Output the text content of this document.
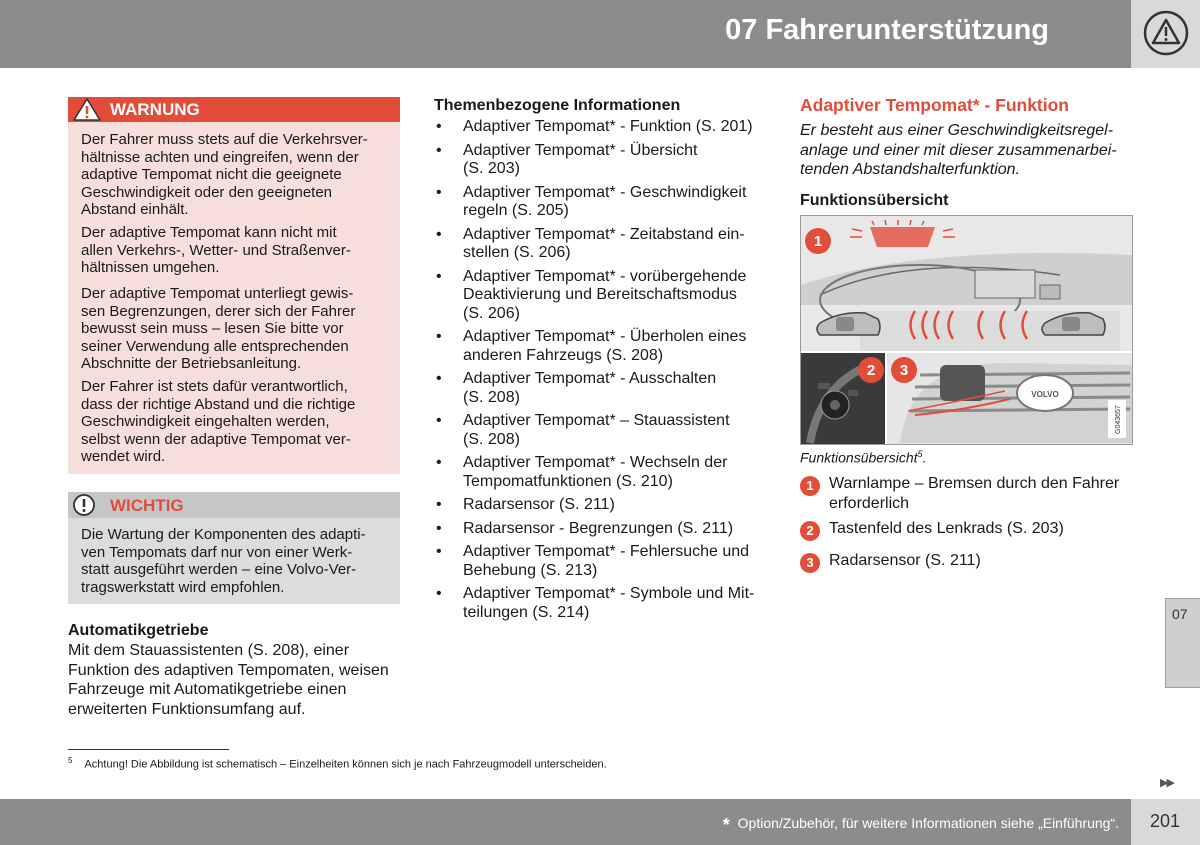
07 Fahrerunterstützung
WARNUNG
Der Fahrer muss stets auf die Verkehrsver-
hältnisse achten und eingreifen, wenn der
adaptive Tempomat nicht die geeignete
Geschwindigkeit oder den geeigneten
Abstand einhält.
Der adaptive Tempomat kann nicht mit
allen Verkehrs-, Wetter- und Straßenver-
hältnissen umgehen.
Der adaptive Tempomat unterliegt gewis-
sen Begrenzungen, derer sich der Fahrer
bewusst sein muss – lesen Sie bitte vor
seiner Verwendung alle entsprechenden
Abschnitte der Betriebsanleitung.
Der Fahrer ist stets dafür verantwortlich,
dass der richtige Abstand und die richtige
Geschwindigkeit eingehalten werden,
selbst wenn der adaptive Tempomat ver-
wendet wird.
WICHTIG
Die Wartung der Komponenten des adapti-
ven Tempomats darf nur von einer Werk-
statt ausgeführt werden – eine Volvo-Ver-
tragswerkstatt wird empfohlen.
Automatikgetriebe
Mit dem Stauassistenten (S. 208), einer
Funktion des adaptiven Tempomaten, weisen
Fahrzeuge mit Automatikgetriebe einen
erweiterten Funktionsumfang auf.
Themenbezogene Informationen
• Adaptiver Tempomat* - Funktion (S. 201)
• Adaptiver Tempomat* - Übersicht
(S. 203)
• Adaptiver Tempomat* - Geschwindigkeit
regeln (S. 205)
• Adaptiver Tempomat* - Zeitabstand ein-
stellen (S. 206)
• Adaptiver Tempomat* - vorübergehende
Deaktivierung und Bereitschaftsmodus
(S. 206)
• Adaptiver Tempomat* - Überholen eines
anderen Fahrzeugs (S. 208)
• Adaptiver Tempomat* - Ausschalten
(S. 208)
• Adaptiver Tempomat* – Stauassistent
(S. 208)
• Adaptiver Tempomat* - Wechseln der
Tempomatfunktionen (S. 210)
• Radarsensor (S. 211)
• Radarsensor - Begrenzungen (S. 211)
• Adaptiver Tempomat* - Fehlersuche und
Behebung (S. 213)
• Adaptiver Tempomat* - Symbole und Mit-
teilungen (S. 214)
Adaptiver Tempomat* - Funktion
Er besteht aus einer Geschwindigkeitsregel-
anlage und einer mit dieser zusammenarbei-
tenden Abstandshalterfunktion.
Funktionsübersicht
VOLVO
G043657
1
2 3
Funktionsübersicht$^5$.
1 Warnlampe – Bremsen durch den Fahrer
erforderlich
2 Tastenfeld des Lenkrads (S. 203)
3 Radarsensor (S. 211)
07
$^5$ Achtung! Die Abbildung ist schematisch – Einzelheiten können sich je nach Fahrzeugmodell unterscheiden.
▶▶
* Option/Zubehör, für weitere Informationen siehe „Einführung“. 201
